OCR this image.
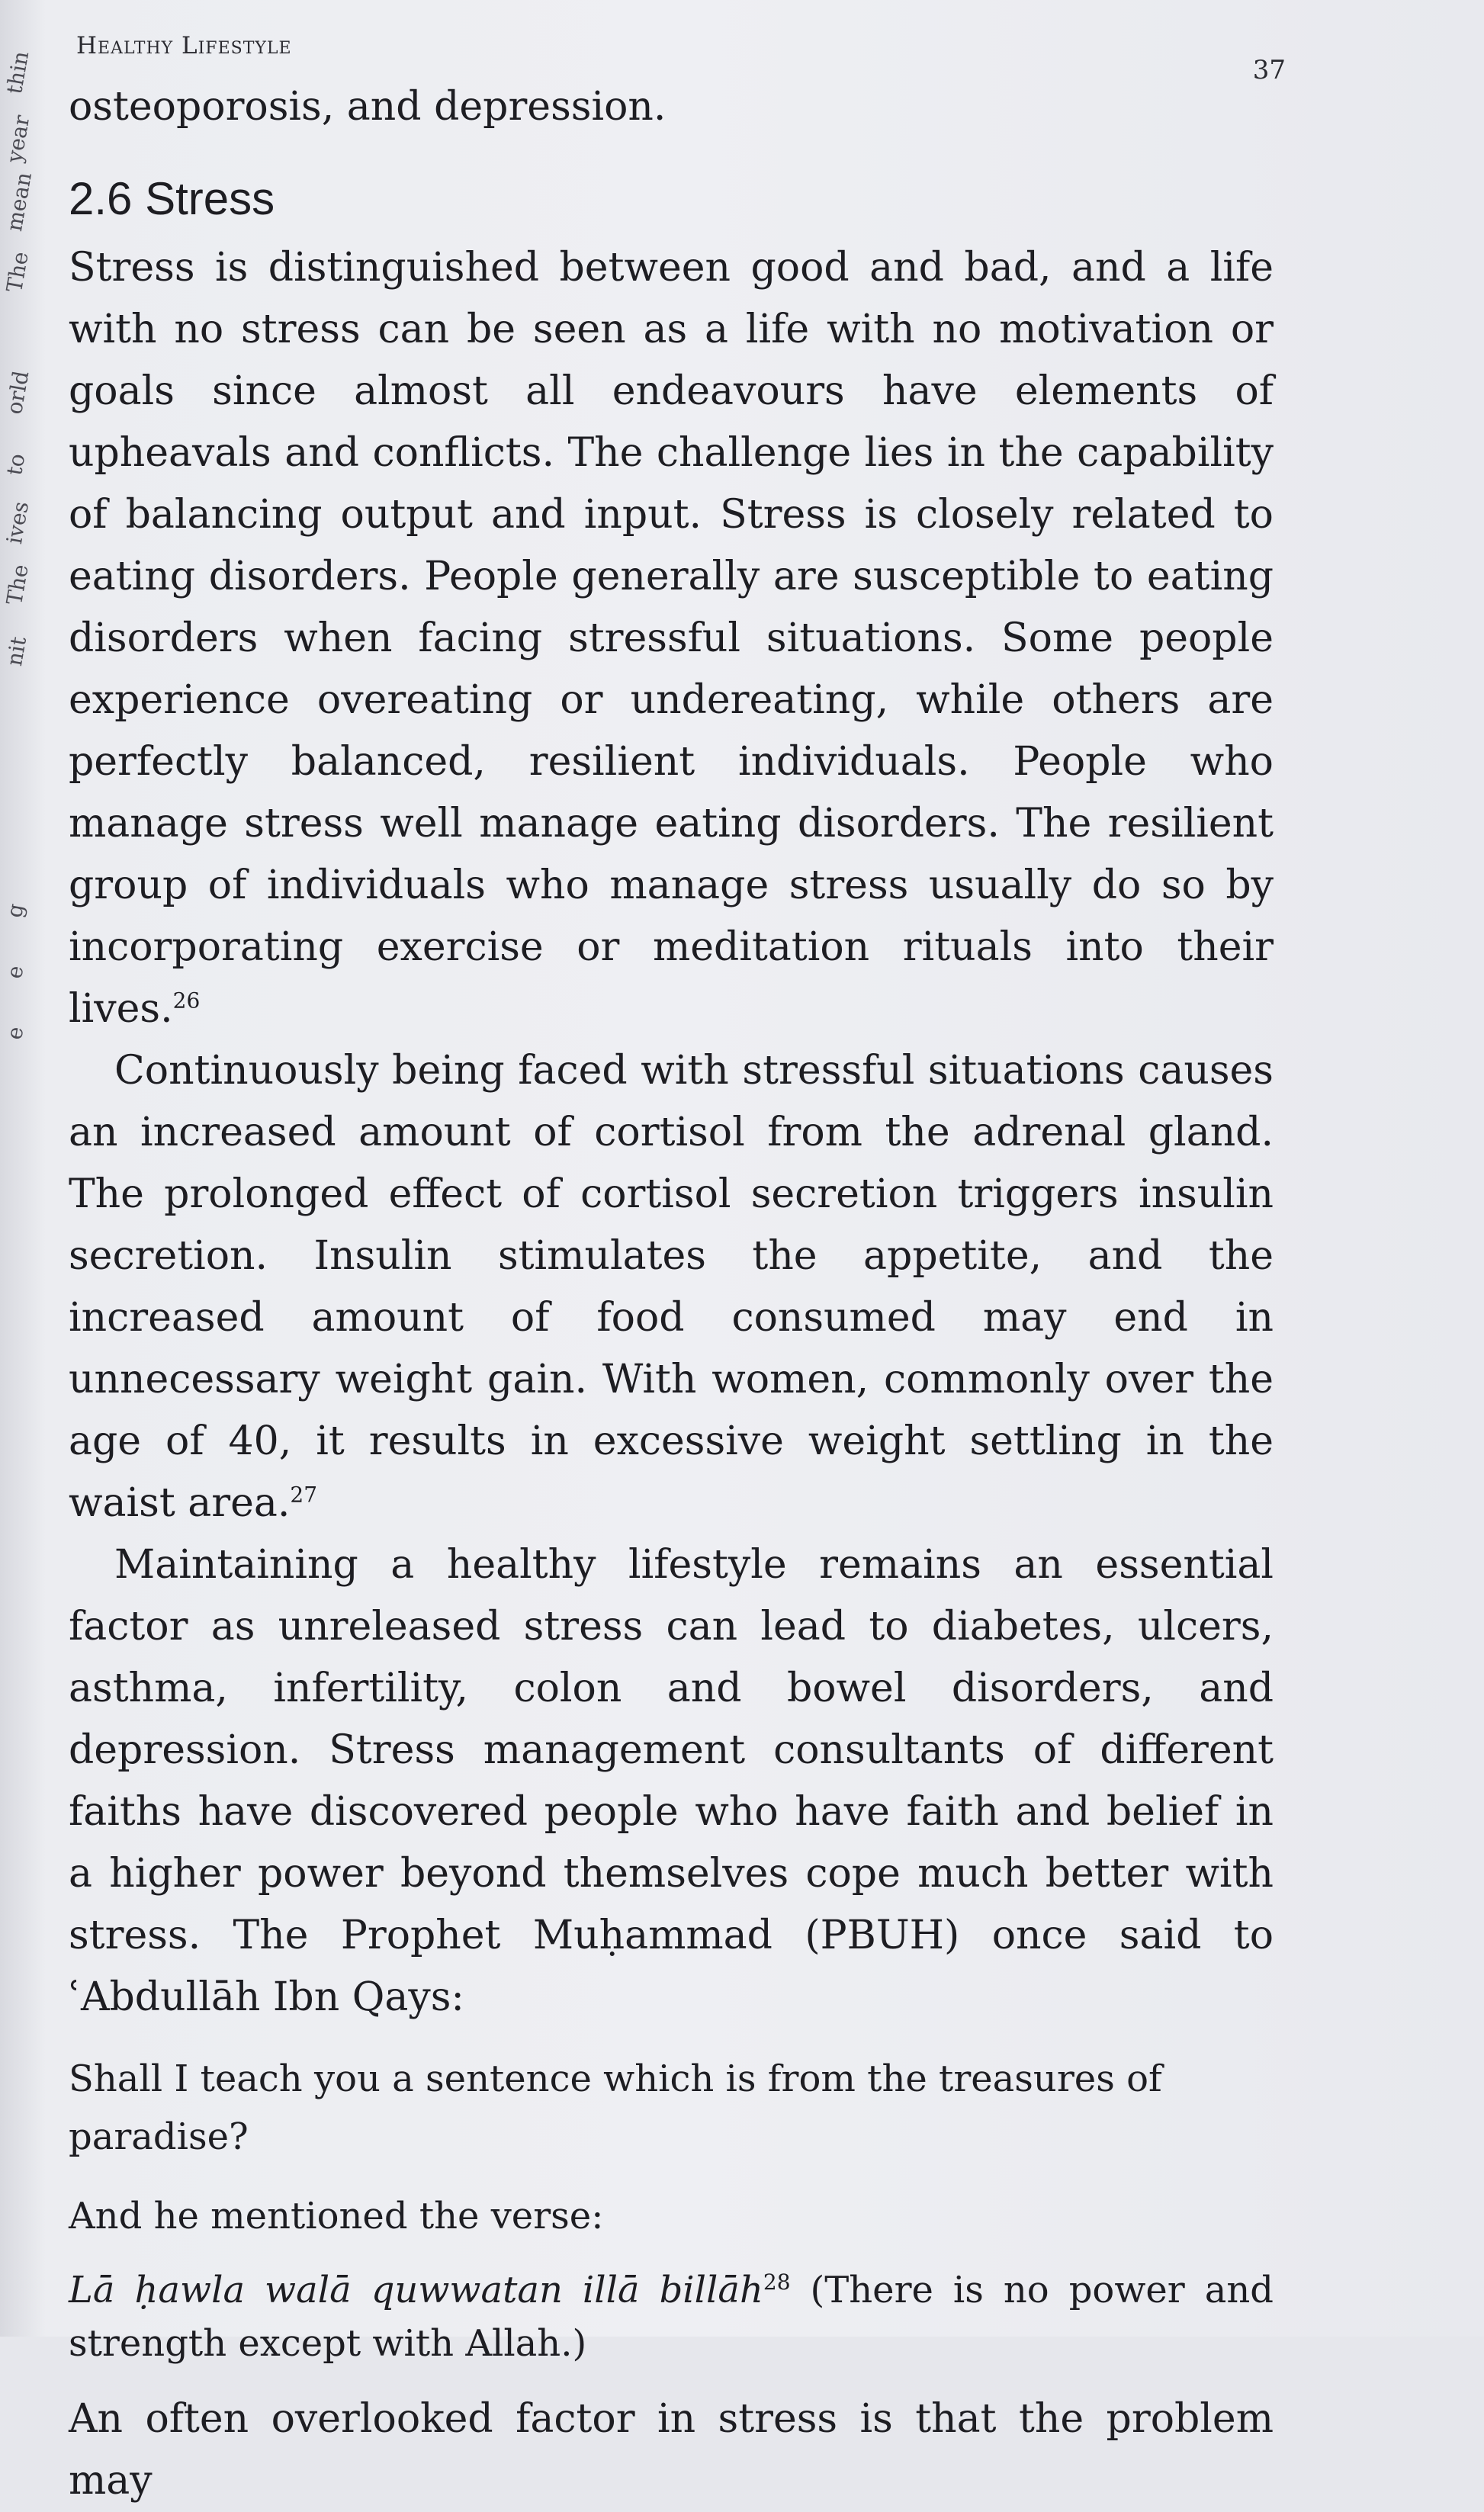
thin
year
mean
The
orld
to
ives
The
nit
g
e
e
Healthy Lifestyle
37

osteoporosis, and depression.

2.6 Stress

Stress is distinguished between good and bad, and a life with no stress can be seen as a life with no motivation or goals since almost all endeavours have elements of upheavals and conflicts. The challenge lies in the capability of balancing output and input. Stress is closely related to eating disorders. People generally are susceptible to eating disorders when facing stressful situations. Some people experience overeating or undereating, while others are perfectly balanced, resilient individuals. People who manage stress well manage eating disorders. The resilient group of individuals who manage stress usually do so by incorporating exercise or meditation rituals into their lives.$^{26}$

Continuously being faced with stressful situations causes an increased amount of cortisol from the adrenal gland. The prolonged effect of cortisol secretion triggers insulin secretion. Insulin stimulates the appetite, and the increased amount of food consumed may end in unnecessary weight gain. With women, commonly over the age of 40, it results in excessive weight settling in the waist area.$^{27}$

Maintaining a healthy lifestyle remains an essential factor as unreleased stress can lead to diabetes, ulcers, asthma, infertility, colon and bowel disorders, and depression. Stress management consultants of different faiths have discovered people who have faith and belief in a higher power beyond themselves cope much better with stress. The Prophet Muḥammad (PBUH) once said to ʿAbdullāh Ibn Qays:

Shall I teach you a sentence which is from the treasures of paradise?

And he mentioned the verse:

Lā ḥawla walā quwwatan illā billāh$^{28}$ (There is no power and strength except with Allah.)

An often overlooked factor in stress is that the problem may
